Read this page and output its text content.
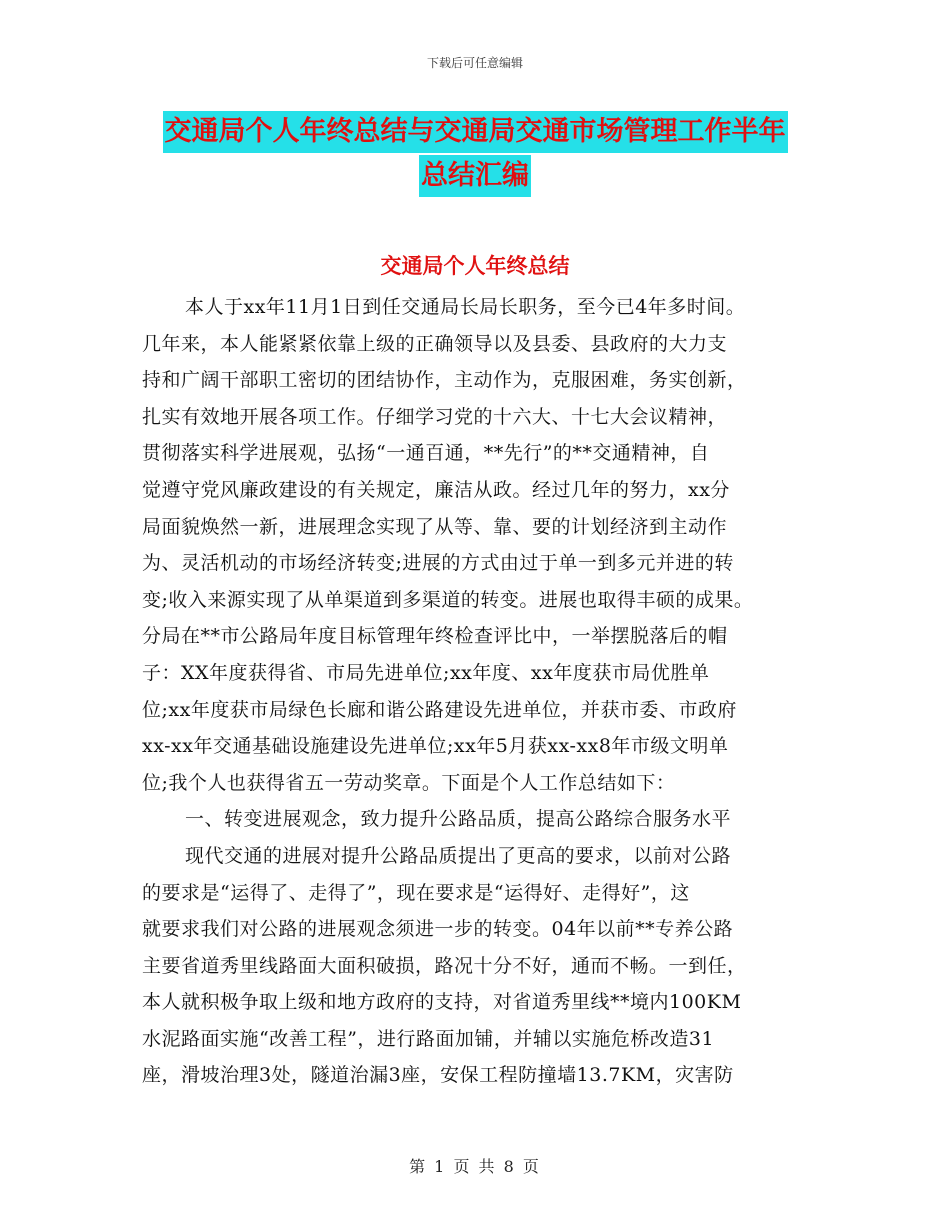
下载后可任意编辑
交通局个人年终总结与交通局交通市场管理工作半年
总结汇编
交通局个人年终总结
本人于xx年11月1日到任交通局长局长职务，至今已4年多时间。
几年来，本人能紧紧依靠上级的正确领导以及县委、县政府的大力支
持和广阔干部职工密切的团结协作，主动作为，克服困难，务实创新，
扎实有效地开展各项工作。仔细学习党的十六大、十七大会议精神，
贯彻落实科学进展观，弘扬“一通百通，**先行”的**交通精神，自
觉遵守党风廉政建设的有关规定，廉洁从政。经过几年的努力，xx分
局面貌焕然一新，进展理念实现了从等、靠、要的计划经济到主动作
为、灵活机动的市场经济转变;进展的方式由过于单一到多元并进的转
变;收入来源实现了从单渠道到多渠道的转变。进展也取得丰硕的成果。
分局在**市公路局年度目标管理年终检查评比中，一举摆脱落后的帽
子：XX年度获得省、市局先进单位;xx年度、xx年度获市局优胜单
位;xx年度获市局绿色长廊和谐公路建设先进单位，并获市委、市政府
xx-xx年交通基础设施建设先进单位;xx年5月获xx-xx8年市级文明单
位;我个人也获得省五一劳动奖章。下面是个人工作总结如下：
一、转变进展观念，致力提升公路品质，提高公路综合服务水平
现代交通的进展对提升公路品质提出了更高的要求，以前对公路
的要求是“运得了、走得了”，现在要求是“运得好、走得好”，这
就要求我们对公路的进展观念须进一步的转变。04年以前**专养公路
主要省道秀里线路面大面积破损，路况十分不好，通而不畅。一到任，
本人就积极争取上级和地方政府的支持，对省道秀里线**境内100KM
水泥路面实施“改善工程”，进行路面加铺，并辅以实施危桥改造31
座，滑坡治理3处，隧道治漏3座，安保工程防撞墙13.7KM，灾害防
第 1 页 共 8 页
